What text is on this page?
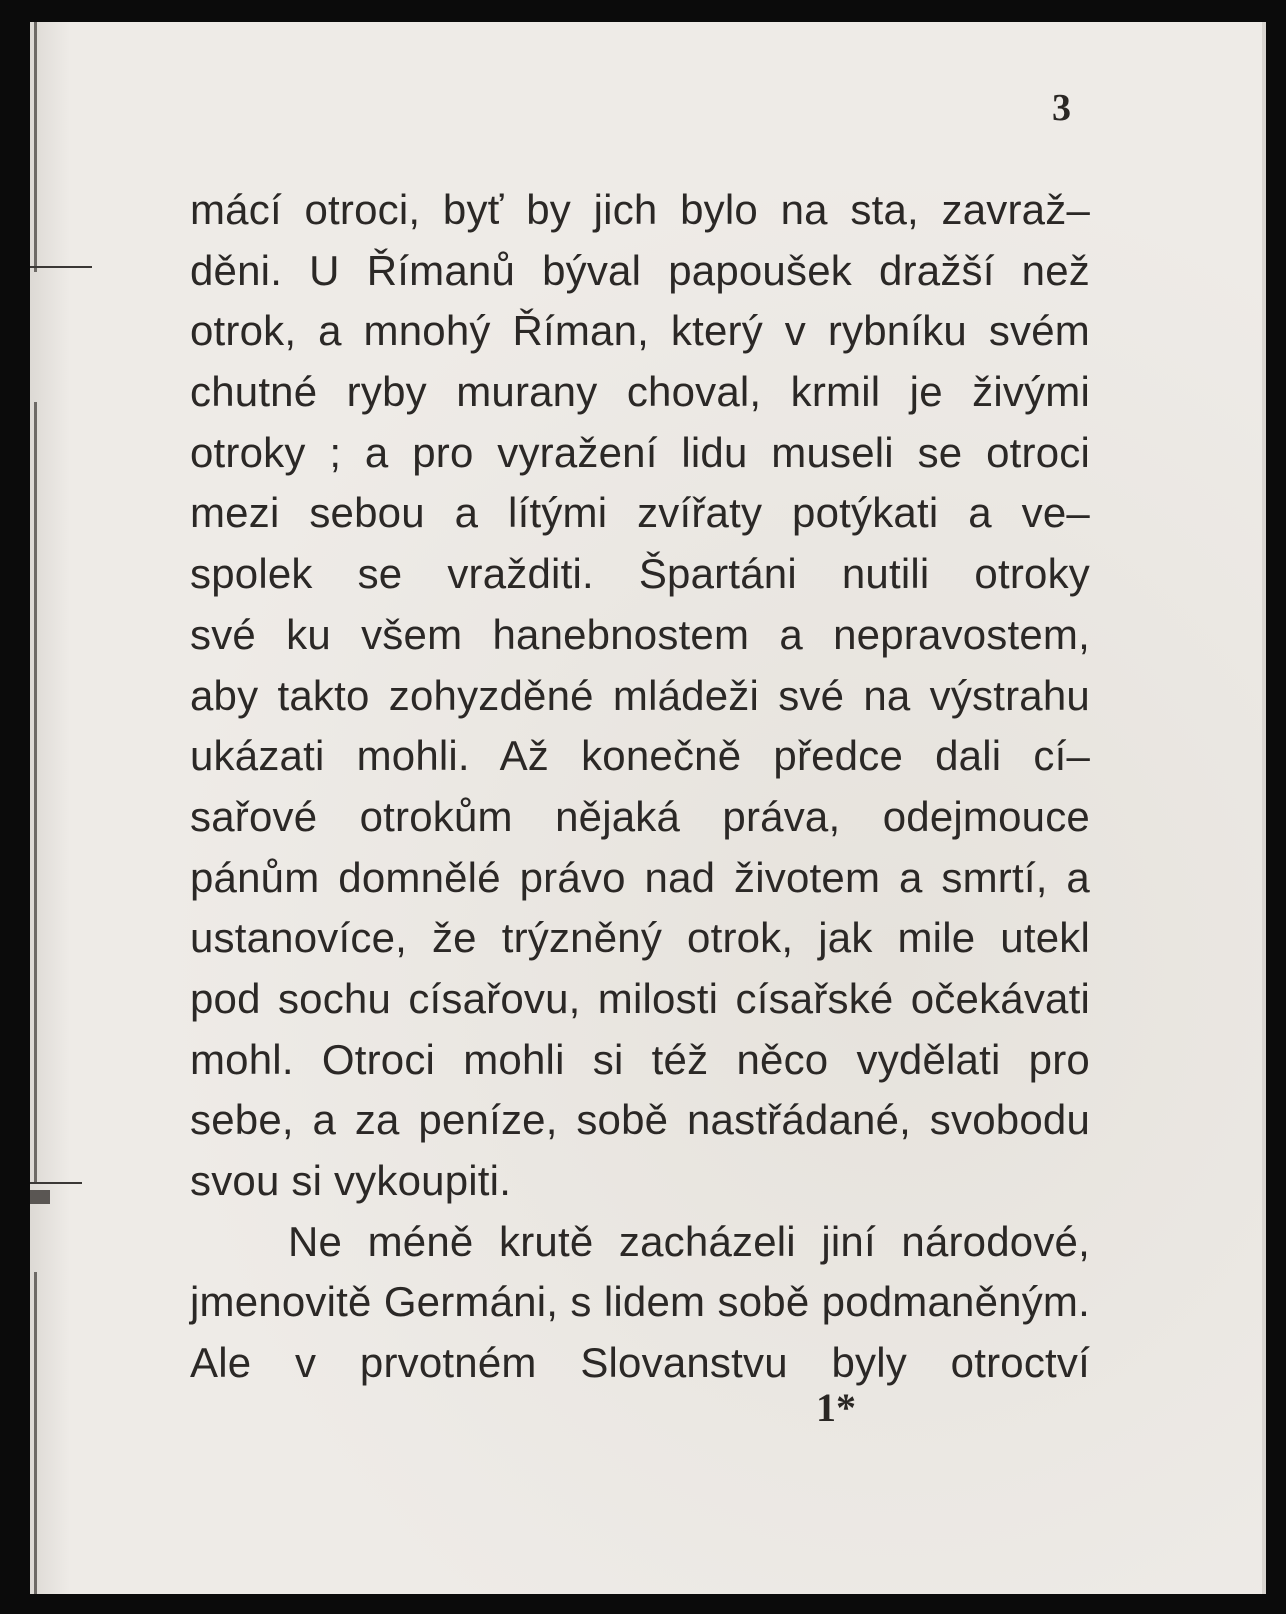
3
mácí otroci, byť by jich bylo na sta, zavraž–
děni. U Římanů býval papoušek dražší než
otrok, a mnohý Říman, který v rybníku svém
chutné ryby murany choval, krmil je živými
otroky ; a pro vyražení lidu museli se otroci
mezi sebou a lítými zvířaty potýkati a ve–
spolek se vražditi. Špartáni nutili otroky
své ku všem hanebnostem a nepravostem,
aby takto zohyzděné mládeži své na výstrahu
ukázati mohli. Až konečně předce dali cí–
sařové otrokům nějaká práva, odejmouce
pánům domnělé právo nad životem a smrtí, a
ustanovíce, že trýzněný otrok, jak mile utekl
pod sochu císařovu, milosti císařské očekávati
mohl. Otroci mohli si též něco vydělati pro
sebe, a za peníze, sobě nastřádané, svobodu
svou si vykoupiti.
Ne méně krutě zacházeli jiní národové,
jmenovitě Germáni, s lidem sobě podmaněným.
Ale v prvotném Slovanstvu byly otroctví
1*
